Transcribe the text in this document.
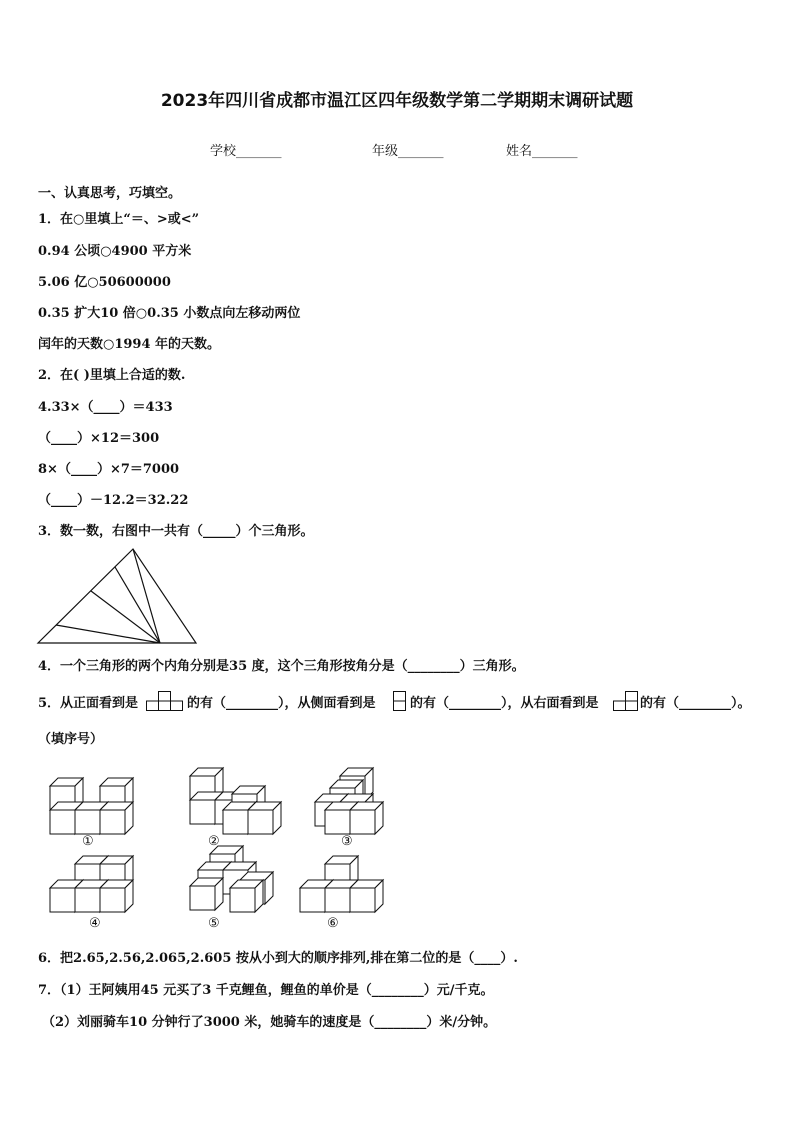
2023年四川省成都市温江区四年级数学第二学期期末调研试题
学校_______	年级_______	姓名_______
一、认真思考，巧填空。
1．在○里填上“＝、>或<”
0.94 公顷○4900 平方米
5.06 亿○50600000
0.35 扩大10 倍○0.35 小数点向左移动两位
闰年的天数○1994 年的天数。
2．在( )里填上合适的数.
4.33×（____）＝433
（____）×12＝300
8×（____）×7＝7000
（____）－12.2＝32.22
3．数一数，右图中一共有（_____）个三角形。
4．一个三角形的两个内角分别是35 度，这个三角形按角分是（________）三角形。
5．从正面看到是	的有（________），从侧面看到是	的有（________），从右面看到是	的有（________）。
（填序号）
①	②	③
④	⑤	⑥
6．把2.65,2.56,2.065,2.605 按从小到大的顺序排列,排在第二位的是（____）.
7．（1）王阿姨用45 元买了3 千克鲤鱼，鲤鱼的单价是（________）元/千克。
（2）刘丽骑车10 分钟行了3000 米，她骑车的速度是（________）米/分钟。
